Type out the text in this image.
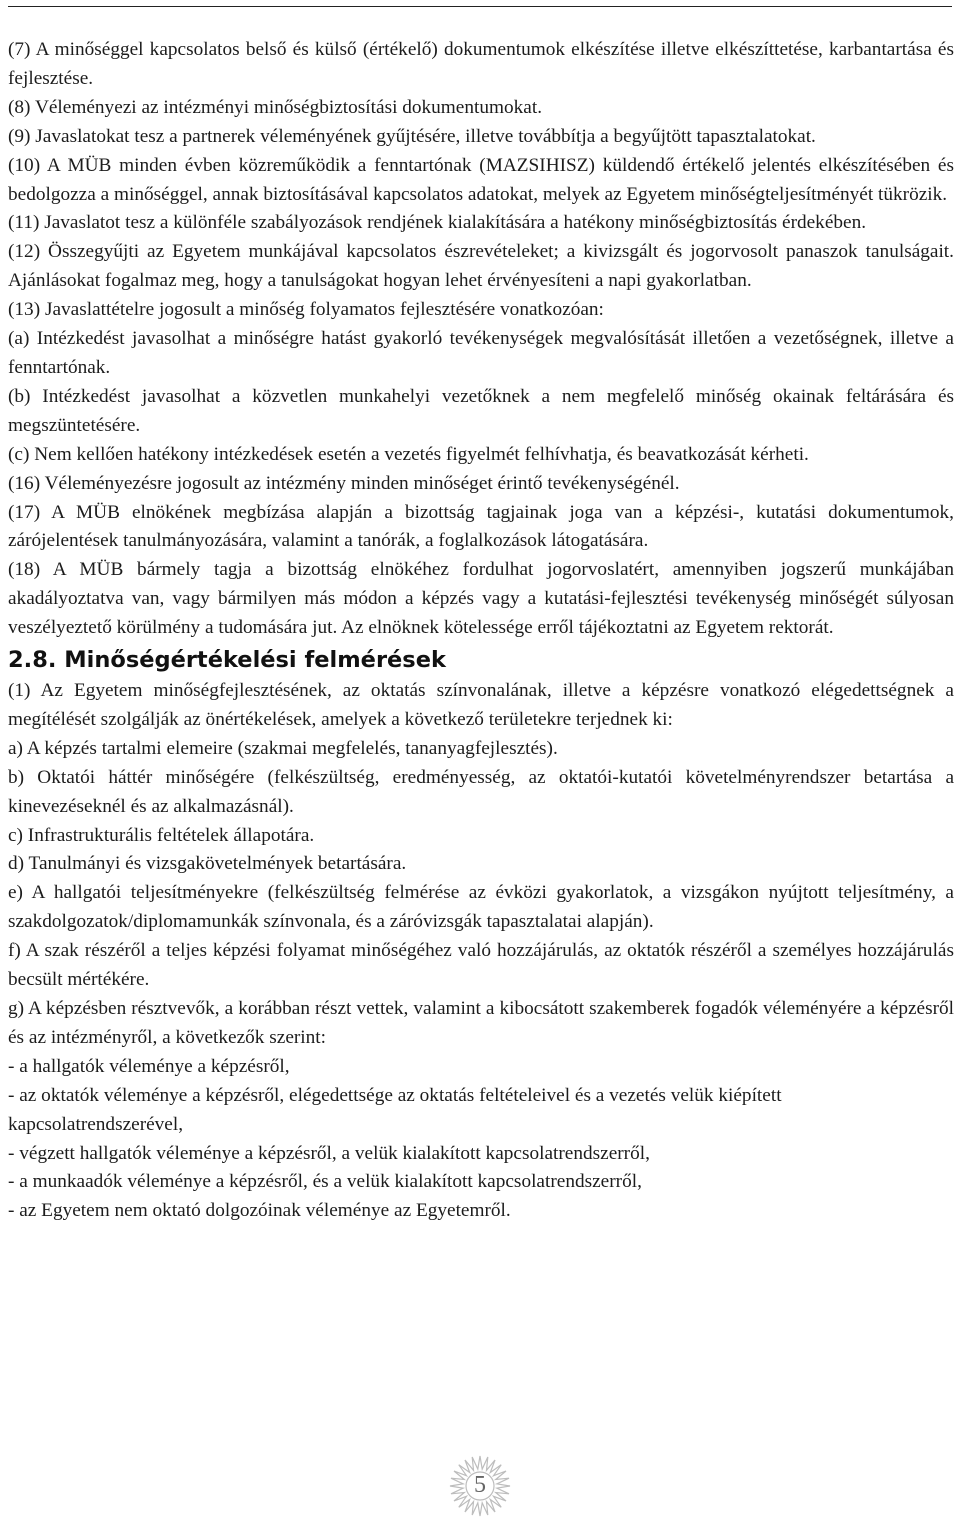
(7) A minőséggel kapcsolatos belső és külső (értékelő) dokumentumok elkészítése illetve elkészíttetése, karbantartása és fejlesztése.

(8) Véleményezi az intézményi minőségbiztosítási dokumentumokat.

(9) Javaslatokat tesz a partnerek véleményének gyűjtésére, illetve továbbítja a begyűjtött tapasztalatokat.

(10) A MÜB minden évben közreműködik a fenntartónak (MAZSIHISZ) küldendő értékelő jelentés elkészítésében és bedolgozza a minőséggel, annak biztosításával kapcsolatos adatokat, melyek az Egyetem minőségteljesítményét tükrözik.

(11) Javaslatot tesz a különféle szabályozások rendjének kialakítására a hatékony minőségbiztosítás érdekében.

(12) Összegyűjti az Egyetem munkájával kapcsolatos észrevételeket; a kivizsgált és jogorvosolt panaszok tanulságait. Ajánlásokat fogalmaz meg, hogy a tanulságokat hogyan lehet érvényesíteni a napi gyakorlatban.

(13) Javaslattételre jogosult a minőség folyamatos fejlesztésére vonatkozóan:

(a) Intézkedést javasolhat a minőségre hatást gyakorló tevékenységek megvalósítását illetően a vezetőségnek, illetve a fenntartónak.

(b) Intézkedést javasolhat a közvetlen munkahelyi vezetőknek a nem megfelelő minőség okainak feltárására és megszüntetésére.

(c) Nem kellően hatékony intézkedések esetén a vezetés figyelmét felhívhatja, és beavatkozását kérheti.

(16) Véleményezésre jogosult az intézmény minden minőséget érintő tevékenységénél.

(17) A MÜB elnökének megbízása alapján a bizottság tagjainak joga van a képzési-, kutatási dokumentumok, zárójelentések tanulmányozására, valamint a tanórák, a foglalkozások látogatására.

(18) A MÜB bármely tagja a bizottság elnökéhez fordulhat jogorvoslatért, amennyiben jogszerű munkájában akadályoztatva van, vagy bármilyen más módon a képzés vagy a kutatási-fejlesztési tevékenység minőségét súlyosan veszélyeztető körülmény a tudomására jut. Az elnöknek kötelessége erről tájékoztatni az Egyetem rektorát.

2.8. Minőségértékelési felmérések

(1) Az Egyetem minőségfejlesztésének, az oktatás színvonalának, illetve a képzésre vonatkozó elégedettségnek a megítélését szolgálják az önértékelések, amelyek a következő területekre terjednek ki:

a) A képzés tartalmi elemeire (szakmai megfelelés, tananyagfejlesztés).

b) Oktatói háttér minőségére (felkészültség, eredményesség, az oktatói-kutatói követelményrendszer betartása a kinevezéseknél és az alkalmazásnál).

c) Infrastrukturális feltételek állapotára.

d) Tanulmányi és vizsgakövetelmények betartására.

e) A hallgatói teljesítményekre (felkészültség felmérése az évközi gyakorlatok, a vizsgákon nyújtott teljesítmény, a szakdolgozatok/diplomamunkák színvonala, és a záróvizsgák tapasztalatai alapján).

f) A szak részéről a teljes képzési folyamat minőségéhez való hozzájárulás, az oktatók részéről a személyes hozzájárulás becsült mértékére.

g) A képzésben résztvevők, a korábban részt vettek, valamint a kibocsátott szakemberek fogadók véleményére a képzésről és az intézményről, a következők szerint:

- a hallgatók véleménye a képzésről,

- az oktatók véleménye a képzésről, elégedettsége az oktatás feltételeivel és a vezetés velük kiépített kapcsolatrendszerével,

- végzett hallgatók véleménye a képzésről, a velük kialakított kapcsolatrendszerről,

- a munkaadók véleménye a képzésről, és a velük kialakított kapcsolatrendszerről,

- az Egyetem nem oktató dolgozóinak véleménye az Egyetemről.

5
